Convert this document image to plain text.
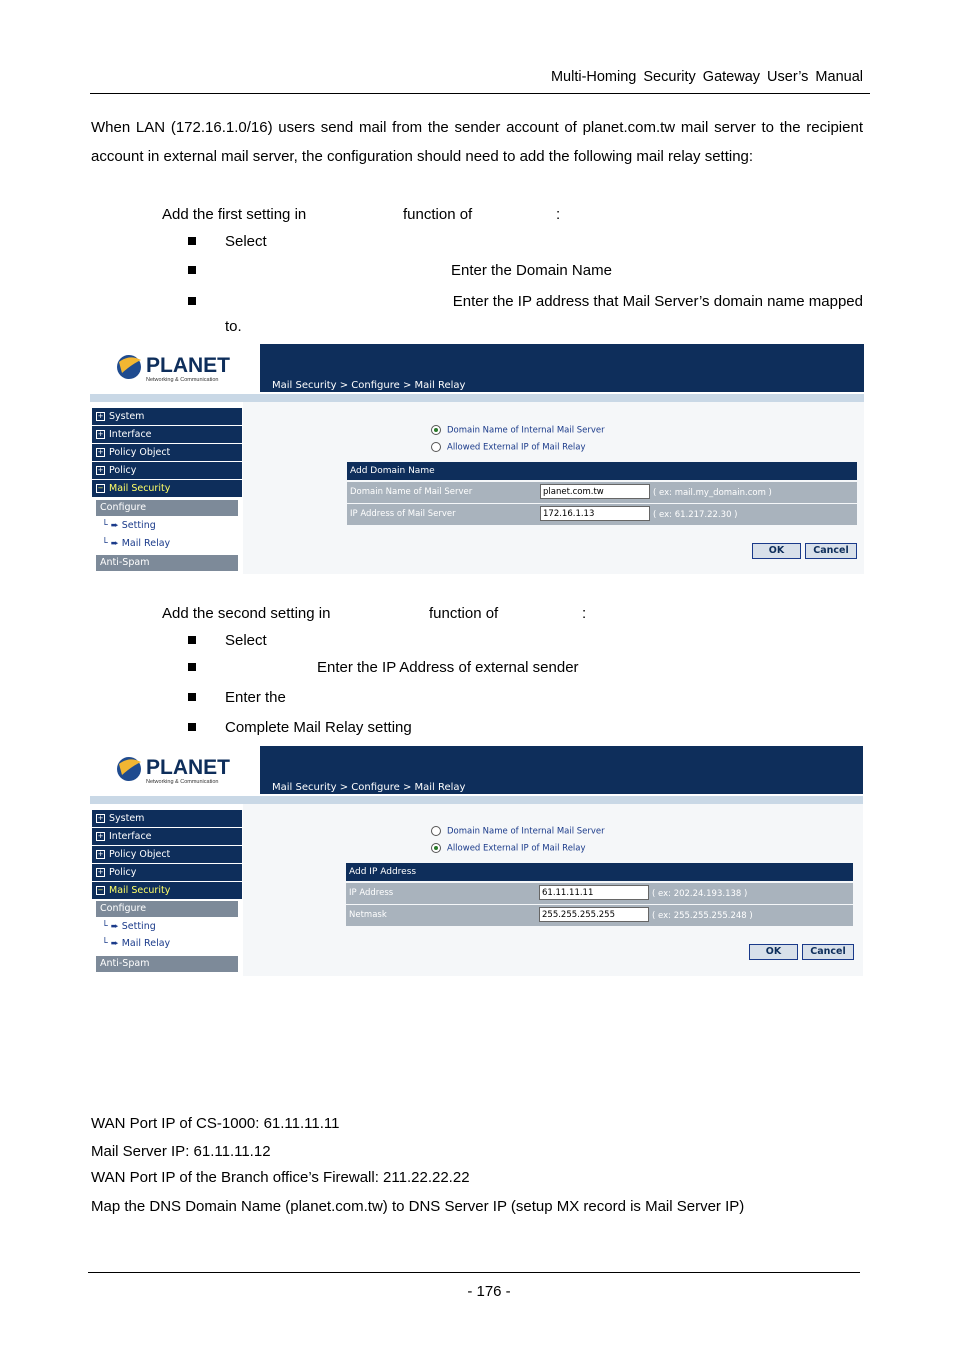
Multi-Homing Security Gateway User’s Manual
When LAN (172.16.1.0/16) users send mail from the sender account of planet.com.tw mail server to the recipient account in external mail server, the configuration should need to add the following mail relay setting:
Add the first setting in	function of	:
Select
Enter the Domain Name
Enter the IP address that Mail Server’s domain name mapped
to.
PLANET
Networking & Communication	Mail Security > Configure > Mail Relay
+ System
+ Interface
+ Policy Object
+ Policy
− Mail Security
Configure
└ ➨ Setting
└ ➨ Mail Relay
Anti-Spam
Domain Name of Internal Mail Server
Allowed External IP of Mail Relay
Add Domain Name
Domain Name of Mail Server	planet.com.tw	( ex: mail.my_domain.com )
IP Address of Mail Server	172.16.1.13	( ex: 61.217.22.30 )
OK	Cancel
Add the second setting in	function of	:
Select
Enter the IP Address of external sender
Enter the
Complete Mail Relay setting
PLANET
Networking & Communication	Mail Security > Configure > Mail Relay
+ System
+ Interface
+ Policy Object
+ Policy
− Mail Security
Configure
└ ➨ Setting
└ ➨ Mail Relay
Anti-Spam
Domain Name of Internal Mail Server
Allowed External IP of Mail Relay
Add IP Address
IP Address	61.11.11.11	( ex: 202.24.193.138 )
Netmask	255.255.255.255	( ex: 255.255.255.248 )
OK	Cancel
WAN Port IP of CS-1000: 61.11.11.11
Mail Server IP: 61.11.11.12
WAN Port IP of the Branch office’s Firewall: 211.22.22.22
Map the DNS Domain Name (planet.com.tw) to DNS Server IP (setup MX record is Mail Server IP)
- 176 -
